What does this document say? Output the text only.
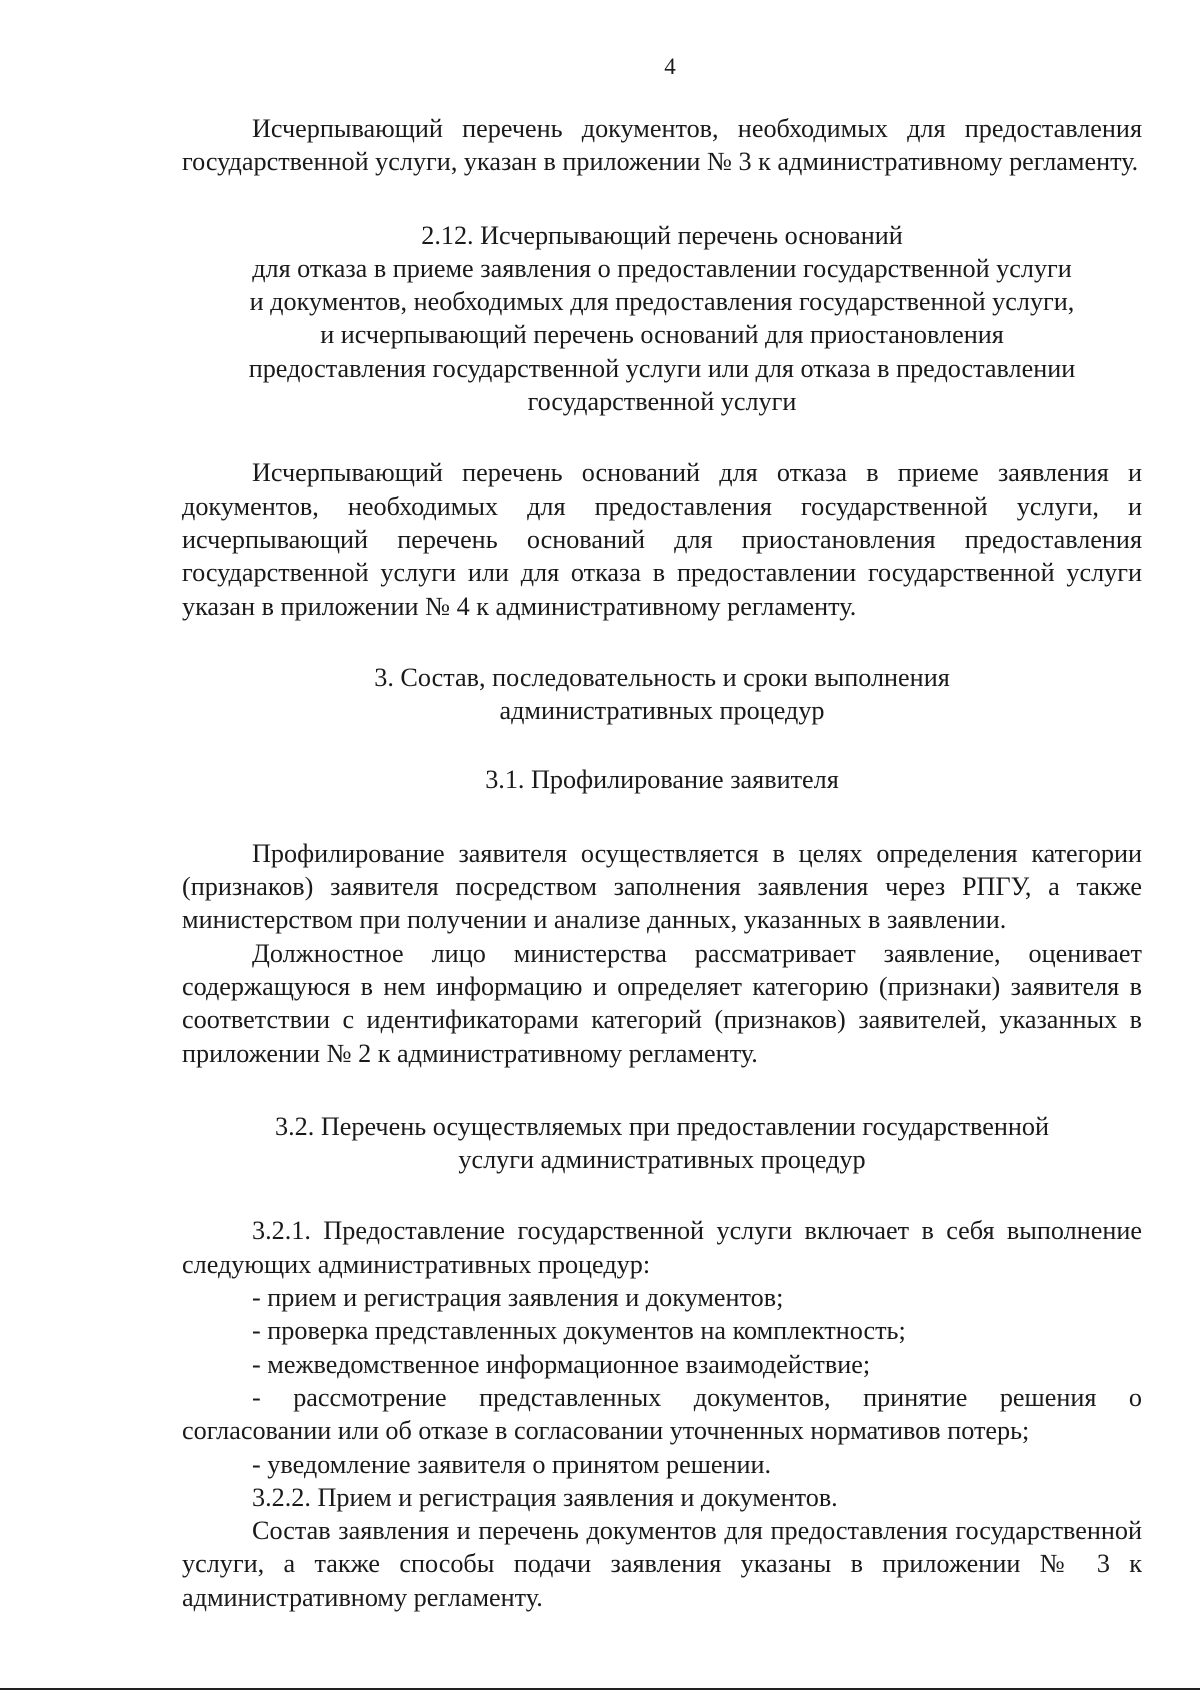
4

Исчерпывающий перечень документов, необходимых для предоставления государственной услуги, указан в приложении № 3 к административному регламенту.

2.12. Исчерпывающий перечень оснований
для отказа в приеме заявления о предоставлении государственной услуги
и документов, необходимых для предоставления государственной услуги,
и исчерпывающий перечень оснований для приостановления
предоставления государственной услуги или для отказа в предоставлении
государственной услуги

Исчерпывающий перечень оснований для отказа в приеме заявления и документов, необходимых для предоставления государственной услуги, и исчерпывающий перечень оснований для приостановления предоставления государственной услуги или для отказа в предоставлении государственной услуги указан в приложении № 4 к административному регламенту.

3. Состав, последовательность и сроки выполнения
административных процедур
3.1. Профилирование заявителя

Профилирование заявителя осуществляется в целях определения категории (признаков) заявителя посредством заполнения заявления через РПГУ, а также министерством при получении и анализе данных, указанных в заявлении.

Должностное лицо министерства рассматривает заявление, оценивает содержащуюся в нем информацию и определяет категорию (признаки) заявителя в соответствии с идентификаторами категорий (признаков) заявителей, указанных в приложении № 2 к административному регламенту.

3.2. Перечень осуществляемых при предоставлении государственной
услуги административных процедур

3.2.1. Предоставление государственной услуги включает в себя выполнение следующих административных процедур:

- прием и регистрация заявления и документов;

- проверка представленных документов на комплектность;

- межведомственное информационное взаимодействие;

- рассмотрение представленных документов, принятие решения о согласовании или об отказе в согласовании уточненных нормативов потерь;

- уведомление заявителя о принятом решении.

3.2.2. Прием и регистрация заявления и документов.

Состав заявления и перечень документов для предоставления государственной услуги, а также способы подачи заявления указаны в приложении № 3 к административному регламенту.
